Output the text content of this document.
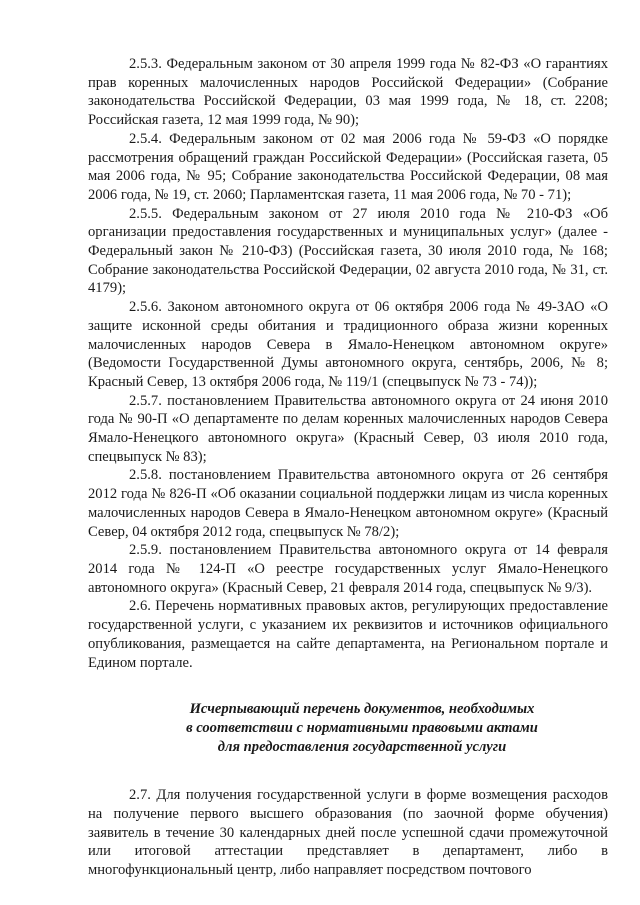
2.5.3. Федеральным законом от 30 апреля 1999 года № 82-ФЗ «О гарантиях прав коренных малочисленных народов Российской Федерации» (Собрание законодательства Российской Федерации, 03 мая 1999 года, № 18, ст. 2208; Российская газета, 12 мая 1999 года, № 90);

2.5.4. Федеральным законом от 02 мая 2006 года № 59-ФЗ «О порядке рассмотрения обращений граждан Российской Федерации» (Российская газета, 05 мая 2006 года, № 95; Собрание законодательства Российской Федерации, 08 мая 2006 года, № 19, ст. 2060; Парламентская газета, 11 мая 2006 года, № 70 - 71);

2.5.5. Федеральным законом от 27 июля 2010 года № 210-ФЗ «Об организации предоставления государственных и муниципальных услуг» (далее - Федеральный закон № 210-ФЗ) (Российская газета, 30 июля 2010 года, № 168; Собрание законодательства Российской Федерации, 02 августа 2010 года, № 31, ст. 4179);

2.5.6. Законом автономного округа от 06 октября 2006 года № 49-ЗАО «О защите исконной среды обитания и традиционного образа жизни коренных малочисленных народов Севера в Ямало-Ненецком автономном округе» (Ведомости Государственной Думы автономного округа, сентябрь, 2006, № 8; Красный Север, 13 октября 2006 года, № 119/1 (спецвыпуск № 73 - 74));

2.5.7. постановлением Правительства автономного округа от 24 июня 2010 года № 90-П «О департаменте по делам коренных малочисленных народов Севера Ямало-Ненецкого автономного округа» (Красный Север, 03 июля 2010 года, спецвыпуск № 83);

2.5.8. постановлением Правительства автономного округа от 26 сентября 2012 года № 826-П «Об оказании социальной поддержки лицам из числа коренных малочисленных народов Севера в Ямало-Ненецком автономном округе» (Красный Север, 04 октября 2012 года, спецвыпуск № 78/2);

2.5.9. постановлением Правительства автономного округа от 14 февраля 2014 года № 124-П «О реестре государственных услуг Ямало-Ненецкого автономного округа» (Красный Север, 21 февраля 2014 года, спецвыпуск № 9/3).

2.6. Перечень нормативных правовых актов, регулирующих предоставление государственной услуги, с указанием их реквизитов и источников официального опубликования, размещается на сайте департамента, на Региональном портале и Едином портале.

Исчерпывающий перечень документов, необходимых
в соответствии с нормативными правовыми актами
для предоставления государственной услуги

2.7. Для получения государственной услуги в форме возмещения расходов на получение первого высшего образования (по заочной форме обучения) заявитель в течение 30 календарных дней после успешной сдачи промежуточной или итоговой аттестации представляет в департамент, либо в многофункциональный центр, либо направляет посредством почтового
